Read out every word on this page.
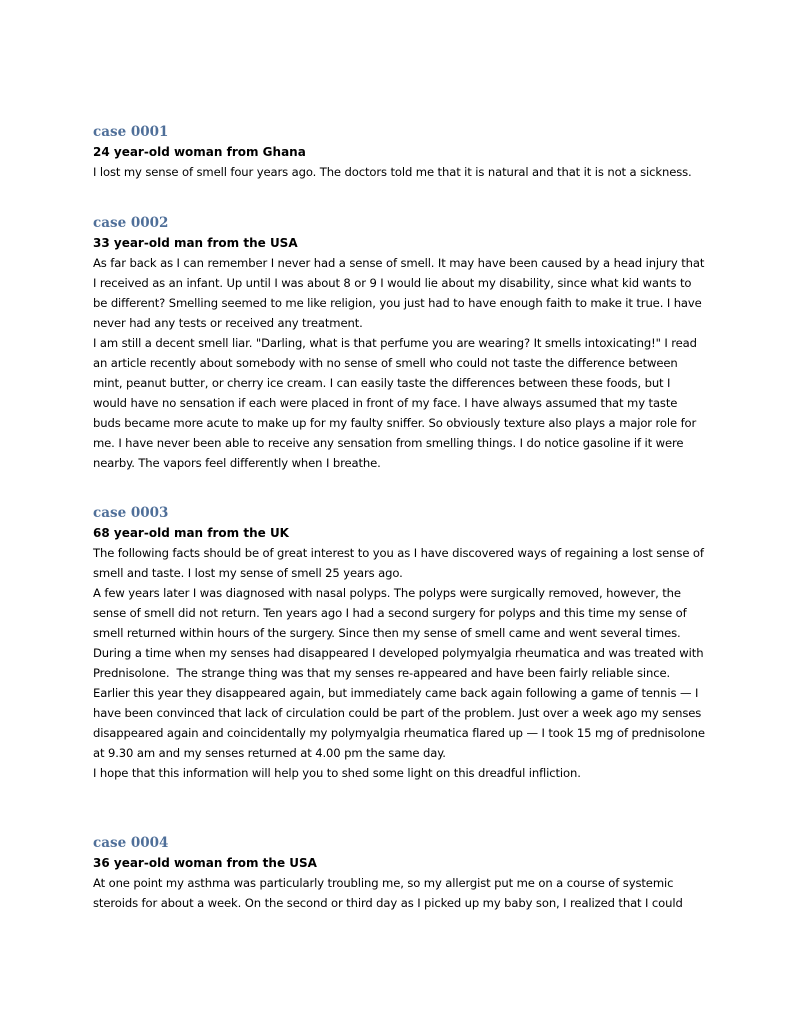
case 0001
24 year-old woman from Ghana

I lost my sense of smell four years ago. The doctors told me that it is natural and that it is not a sickness.

case 0002
33 year-old man from the USA

As far back as I can remember I never had a sense of smell. It may have been caused by a head injury that I received as an infant. Up until I was about 8 or 9 I would lie about my disability, since what kid wants to be different? Smelling seemed to me like religion, you just had to have enough faith to make it true. I have never had any tests or received any treatment.

I am still a decent smell liar. "Darling, what is that perfume you are wearing? It smells intoxicating!" I read an article recently about somebody with no sense of smell who could not taste the difference between mint, peanut butter, or cherry ice cream. I can easily taste the differences between these foods, but I would have no sensation if each were placed in front of my face. I have always assumed that my taste buds became more acute to make up for my faulty sniffer. So obviously texture also plays a major role for me. I have never been able to receive any sensation from smelling things. I do notice gasoline if it were nearby. The vapors feel differently when I breathe.

case 0003
68 year-old man from the UK

The following facts should be of great interest to you as I have discovered ways of regaining a lost sense of smell and taste. I lost my sense of smell 25 years ago.

A few years later I was diagnosed with nasal polyps. The polyps were surgically removed, however, the sense of smell did not return. Ten years ago I had a second surgery for polyps and this time my sense of smell returned within hours of the surgery. Since then my sense of smell came and went several times. During a time when my senses had disappeared I developed polymyalgia rheumatica and was treated with Prednisolone.  The strange thing was that my senses re-appeared and have been fairly reliable since.

Earlier this year they disappeared again, but immediately came back again following a game of tennis — I have been convinced that lack of circulation could be part of the problem. Just over a week ago my senses disappeared again and coincidentally my polymyalgia rheumatica flared up — I took 15 mg of prednisolone at 9.30 am and my senses returned at 4.00 pm the same day.

I hope that this information will help you to shed some light on this dreadful infliction.

case 0004
36 year-old woman from the USA

At one point my asthma was particularly troubling me, so my allergist put me on a course of systemic steroids for about a week. On the second or third day as I picked up my baby son, I realized that I could
